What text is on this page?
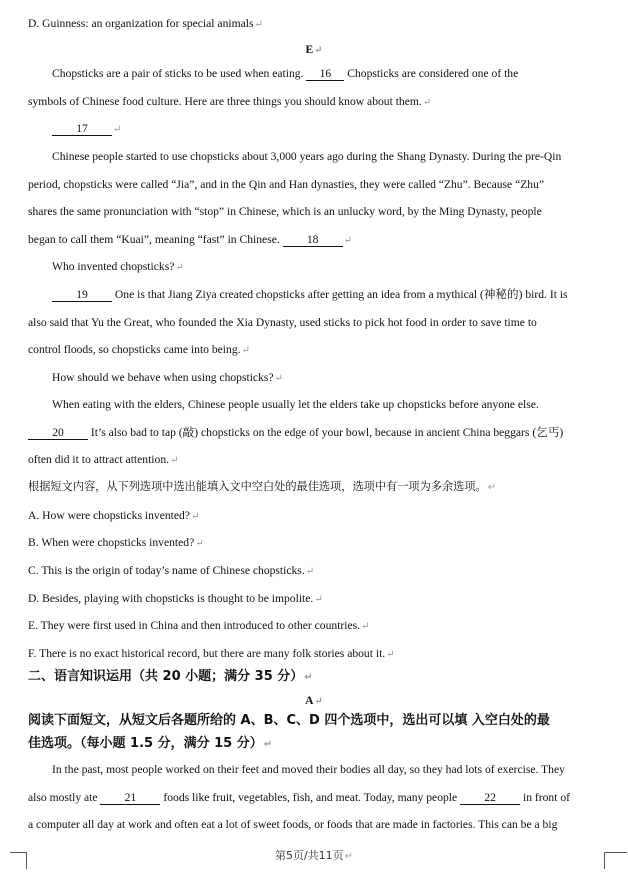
D. Guinness: an organization for special animals↵
E↵
Chopsticks are a pair of sticks to be used when eating. 16 Chopsticks are considered one of the
symbols of Chinese food culture. Here are three things you should know about them.↵
17	↵
Chinese people started to use chopsticks about 3,000 years ago during the Shang Dynasty. During the pre-Qin
period, chopsticks were called “Jia”, and in the Qin and Han dynasties, they were called “Zhu”. Because “Zhu”
shares the same pronunciation with “stop” in Chinese, which is an unlucky word, by the Ming Dynasty, people
began to call them “Kuai”, meaning “fast” in Chinese. 18	↵
Who invented chopsticks?↵
19 One is that Jiang Ziya created chopsticks after getting an idea from a mythical (神秘的) bird. It is
also said that Yu the Great, who founded the Xia Dynasty, used sticks to pick hot food in order to save time to
control floods, so chopsticks came into being.↵
How should we behave when using chopsticks?↵
When eating with the elders, Chinese people usually let the elders take up chopsticks before anyone else.
20 It’s also bad to tap (敲) chopsticks on the edge of your bowl, because in ancient China beggars (乞丐)
often did it to attract attention.↵
根据短文内容，从下列选项中选出能填入文中空白处的最佳选项，选项中有一项为多余选项。↵
A. How were chopsticks invented?↵
B. When were chopsticks invented?↵
C. This is the origin of today’s name of Chinese chopsticks.↵
D. Besides, playing with chopsticks is thought to be impolite.↵
E. They were first used in China and then introduced to other countries.↵
F. There is no exact historical record, but there are many folk stories about it.↵
二、语言知识运用（共 20 小题；满分 35 分）↵
A↵
阅读下面短文，从短文后各题所给的 A、B、C、D 四个选项中，选出可以填 入空白处的最
佳选项。（每小题 1.5 分，满分 15 分）↵
In the past, most people worked on their feet and moved their bodies all day, so they had lots of exercise. They
also mostly ate 21 foods like fruit, vegetables, fish, and meat. Today, many people 22 in front of
a computer all day at work and often eat a lot of sweet foods, or foods that are made in factories. This can be a big
第5页/共11页↵
